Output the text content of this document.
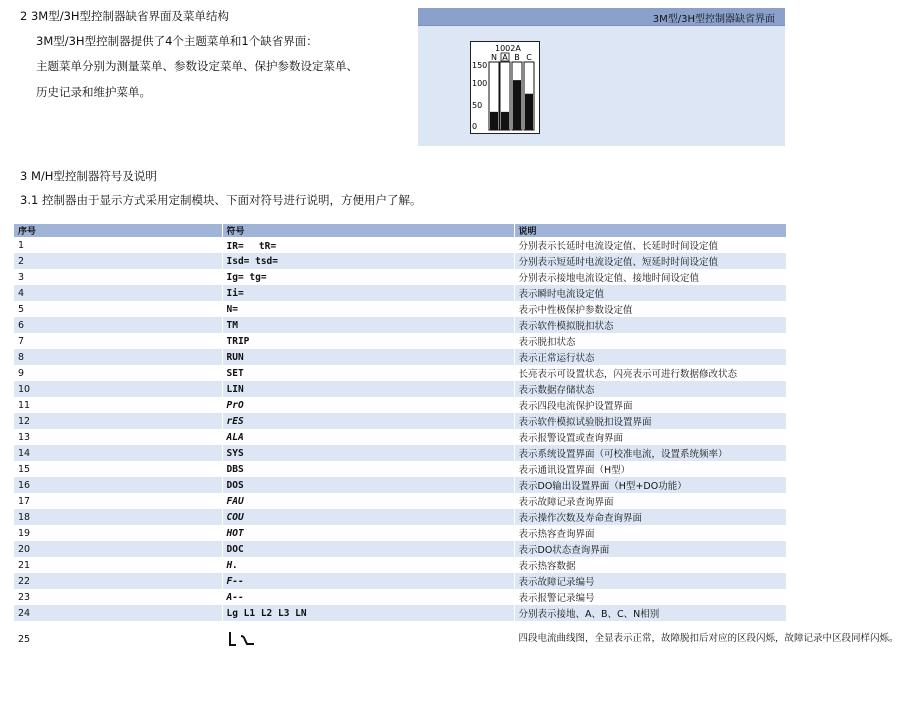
2 3M型/3H型控制器缺省界面及菜单结构
3M型/3H型控制器提供了4个主题菜单和1个缺省界面：
主题菜单分别为测量菜单、参数设定菜单、保护参数设定菜单、
历史记录和维护菜单。
3M型/3H型控制器缺省界面
1002A
N A B C
150
100
50
0
3 M/H型控制器符号及说明
3.1 控制器由于显示方式采用定制模块、下面对符号进行说明，方便用户了解。
序号	符号	说明
1	IR=　 tR=	分别表示长延时电流设定值、长延时时间设定值
2	Isd= tsd=	分别表示短延时电流设定值、短延时时间设定值
3	Ig= tg=	分别表示接地电流设定值、接地时间设定值
4	Ii=	表示瞬时电流设定值
5	N=	表示中性极保护参数设定值
6	TM	表示软件模拟脱扣状态
7	TRIP	表示脱扣状态
8	RUN	表示正常运行状态
9	SET	长亮表示可设置状态，闪亮表示可进行数据修改状态
10	LIN	表示数据存储状态
11	PrO	表示四段电流保护设置界面
12	rES	表示软件模拟试验脱扣设置界面
13	ALA	表示报警设置或查询界面
14	SYS	表示系统设置界面（可校准电流，设置系统频率）
15	DBS	表示通讯设置界面（H型）
16	DOS	表示DO输出设置界面（H型+DO功能）
17	FAU	表示故障记录查询界面
18	COU	表示操作次数及寿命查询界面
19	HOT	表示热容查询界面
20	DOC	表示DO状态查询界面
21	H.	表示热容数据
22	F--	表示故障记录编号
23	A--	表示报警记录编号
24	Lg L1 L2 L3 LN	分别表示接地、A、B、C、N相别
25		四段电流曲线图，全显表示正常，故障脱扣后对应的区段闪烁，故障记录中区段同样闪烁。
